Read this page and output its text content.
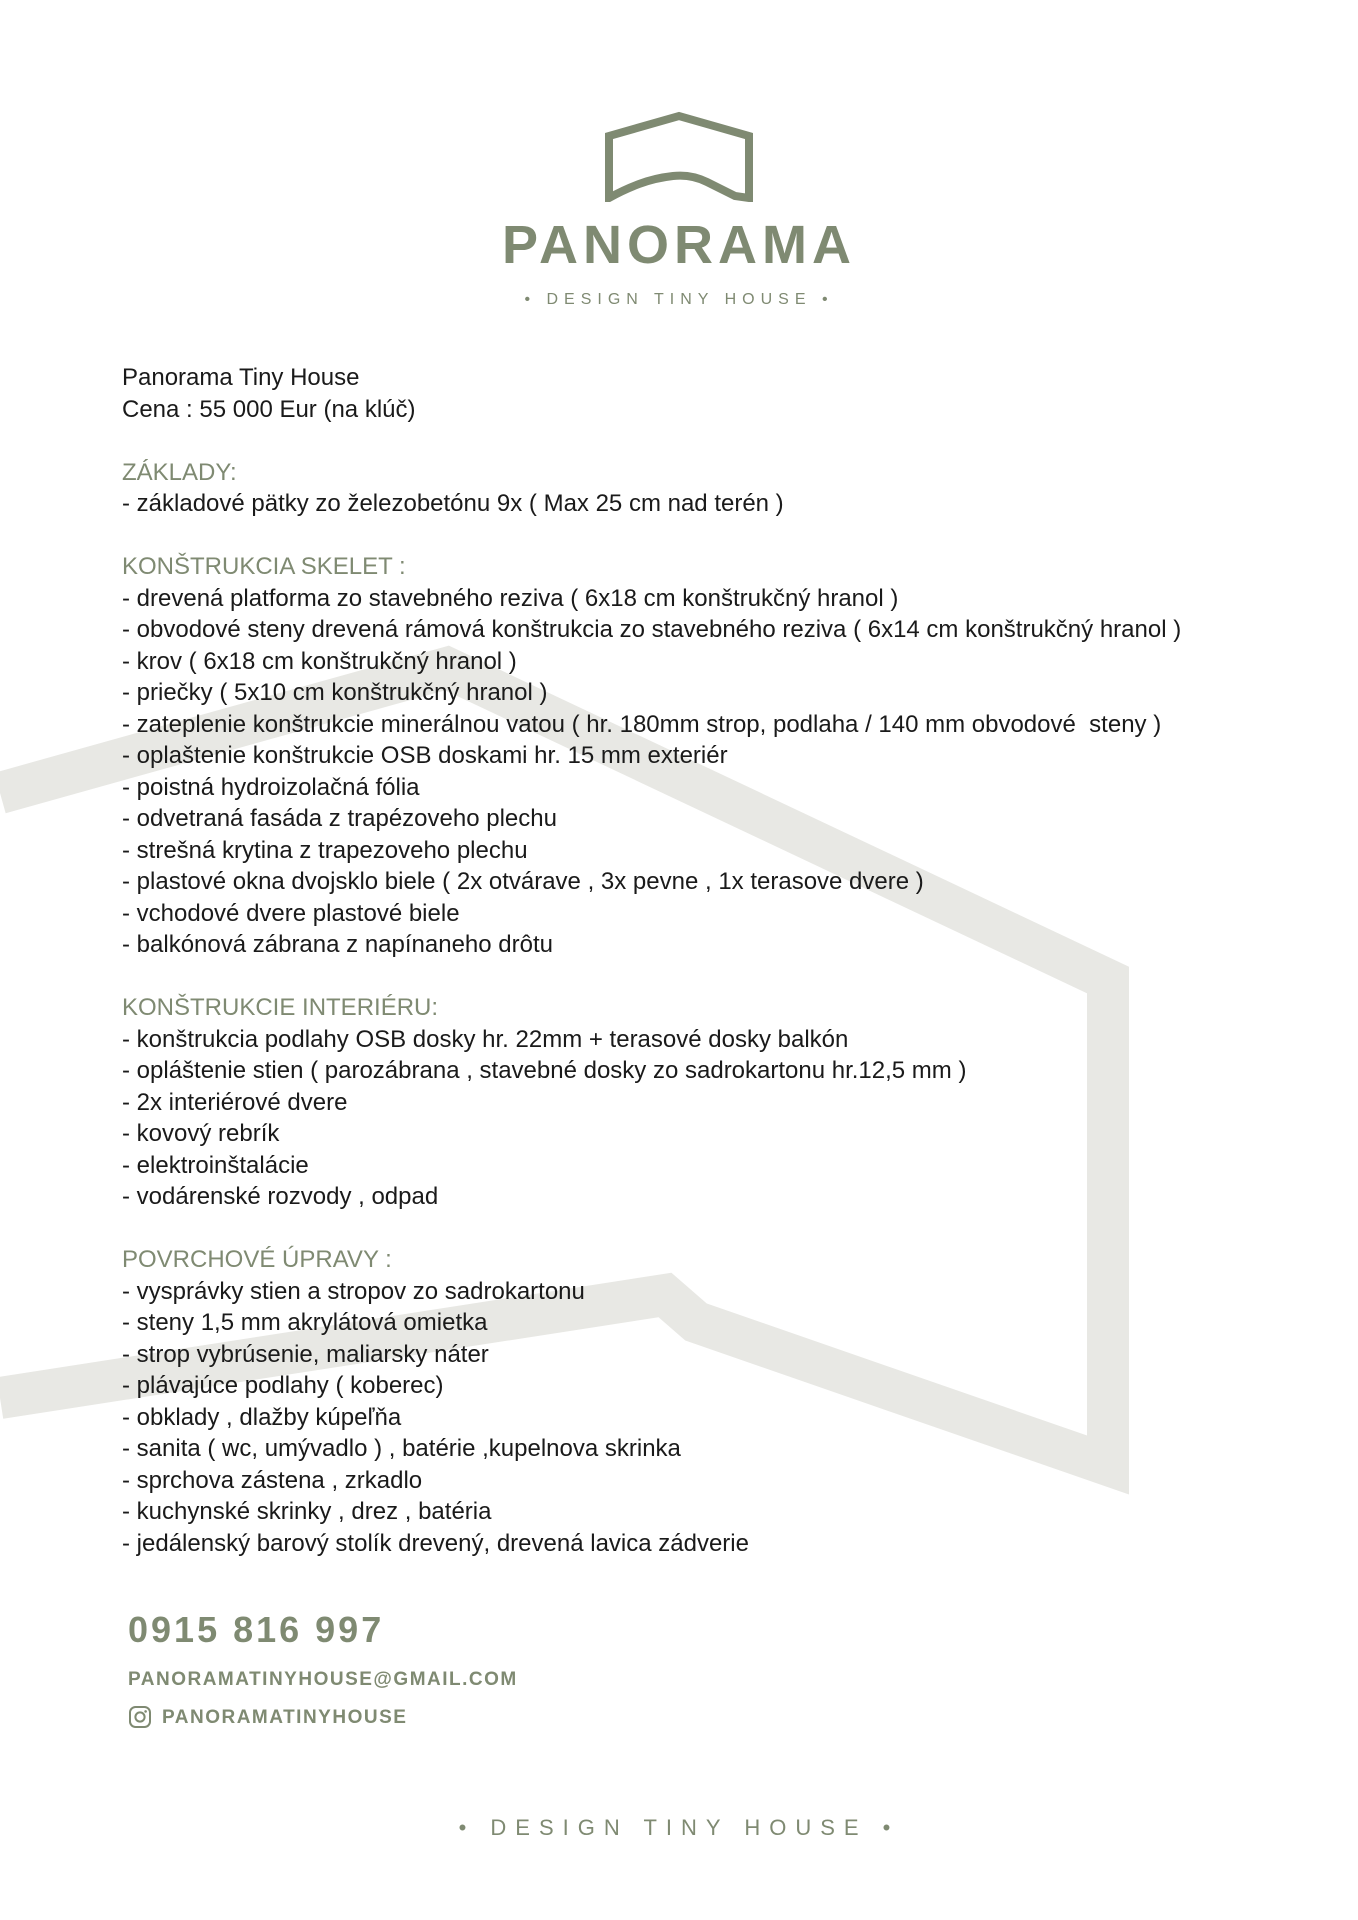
PANORAMA
• DESIGN TINY HOUSE •
Panorama Tiny House
Cena : 55 000 Eur (na klúč)
ZÁKLADY:
- základové pätky zo železobetónu 9x ( Max 25 cm nad terén )
KONŠTRUKCIA SKELET :
- drevená platforma zo stavebného reziva ( 6x18 cm konštrukčný hranol )
- obvodové steny drevená rámová konštrukcia zo stavebného reziva ( 6x14 cm konštrukčný hranol )
- krov ( 6x18 cm konštrukčný hranol )
- priečky ( 5x10 cm konštrukčný hranol )
- zateplenie konštrukcie minerálnou vatou ( hr. 180mm strop, podlaha / 140 mm obvodové  steny )
- oplaštenie konštrukcie OSB doskami hr. 15 mm exteriér
- poistná hydroizolačná fólia
- odvetraná fasáda z trapézoveho plechu
- strešná krytina z trapezoveho plechu
- plastové okna dvojsklo biele ( 2x otvárave , 3x pevne , 1x terasove dvere )
- vchodové dvere plastové biele
- balkónová zábrana z napínaneho drôtu
KONŠTRUKCIE INTERIÉRU:
- konštrukcia podlahy OSB dosky hr. 22mm + terasové dosky balkón
- opláštenie stien ( parozábrana , stavebné dosky zo sadrokartonu hr.12,5 mm )
- 2x interiérové dvere
- kovový rebrík
- elektroinštalácie
- vodárenské rozvody , odpad
POVRCHOVÉ ÚPRAVY :
- vysprávky stien a stropov zo sadrokartonu
- steny 1,5 mm akrylátová omietka
- strop vybrúsenie, maliarsky náter
- plávajúce podlahy ( koberec)
- obklady , dlažby kúpeľňa
- sanita ( wc, umývadlo ) , batérie ,kupelnova skrinka
- sprchova zástena , zrkadlo
- kuchynské skrinky , drez , batéria
- jedálenský barový stolík drevený, drevená lavica zádverie
0915 816 997
PANORAMATINYHOUSE@GMAIL.COM
PANORAMATINYHOUSE
• DESIGN TINY HOUSE •
